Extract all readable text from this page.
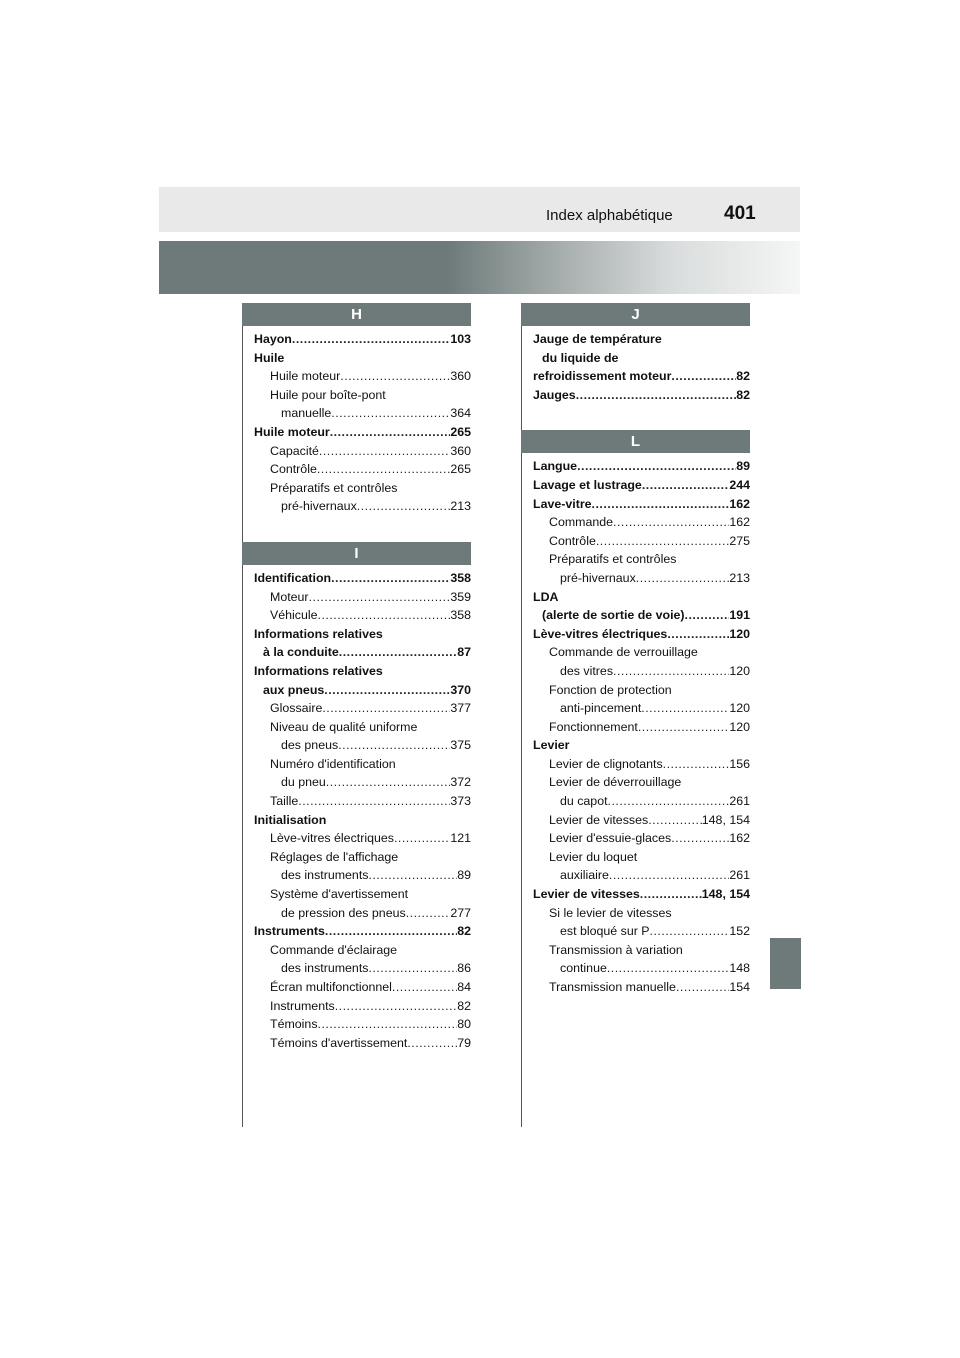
Index alphabétique	401
H
Hayon .....	103
Huile
Huile moteur .....	360
Huile pour boîte-pont
manuelle .....	364
Huile moteur .....	265
Capacité .....	360
Contrôle .....	265
Préparatifs et contrôles
pré-hivernaux .....	213
I
Identification .....	358
Moteur .....	359
Véhicule .....	358
Informations relatives
à la conduite .....	87
Informations relatives
aux pneus .....	370
Glossaire .....	377
Niveau de qualité uniforme
des pneus .....	375
Numéro d'identification
du pneu .....	372
Taille .....	373
Initialisation
Lève-vitres électriques .....	121
Réglages de l'affichage
des instruments .....	89
Système d'avertissement
de pression des pneus .....	277
Instruments .....	82
Commande d'éclairage
des instruments .....	86
Écran multifonctionnel .....	84
Instruments .....	82
Témoins .....	80
Témoins d'avertissement .....	79
J
Jauge de température
du liquide de
refroidissement moteur .....	82
Jauges .....	82
L
Langue .....	89
Lavage et lustrage .....	244
Lave-vitre .....	162
Commande .....	162
Contrôle .....	275
Préparatifs et contrôles
pré-hivernaux .....	213
LDA
(alerte de sortie de voie) .....	191
Lève-vitres électriques .....	120
Commande de verrouillage
des vitres .....	120
Fonction de protection
anti-pincement .....	120
Fonctionnement .....	120
Levier
Levier de clignotants .....	156
Levier de déverrouillage
du capot .....	261
Levier de vitesses .....	148, 154
Levier d'essuie-glaces .....	162
Levier du loquet
auxiliaire .....	261
Levier de vitesses .....	148, 154
Si le levier de vitesses
est bloqué sur P .....	152
Transmission à variation
continue .....	148
Transmission manuelle .....	154
